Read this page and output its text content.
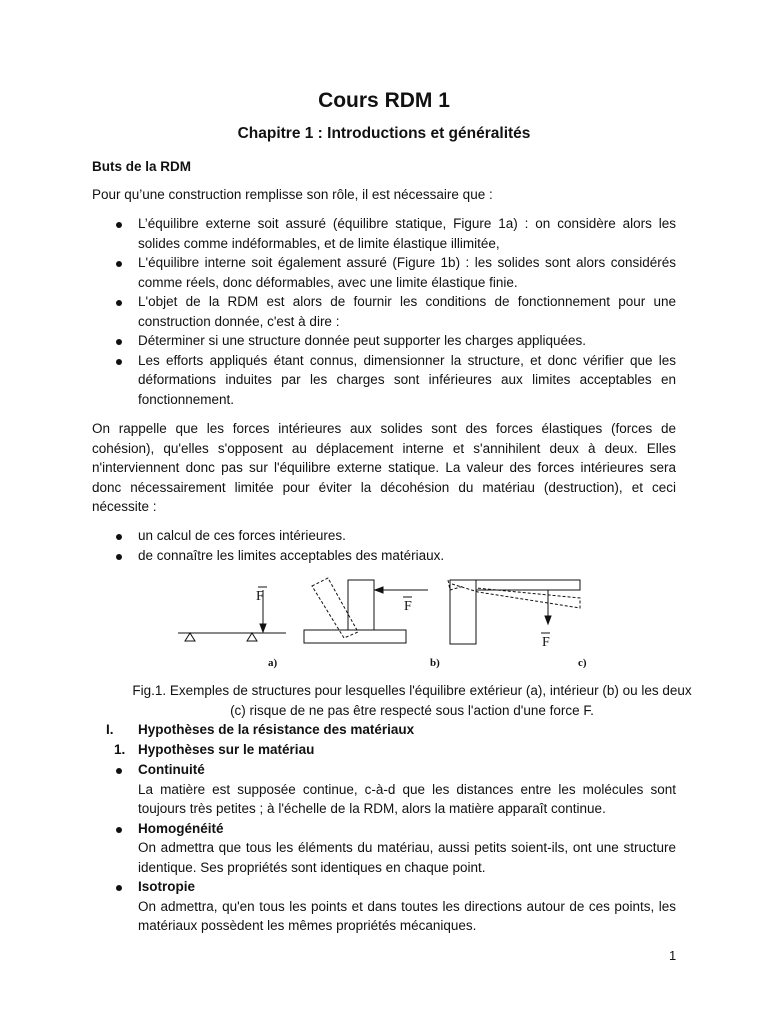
Cours RDM 1
Chapitre 1 : Introductions et généralités

Buts de la RDM

Pour qu’une construction remplisse son rôle, il est nécessaire que :

L’équilibre externe soit assuré (équilibre statique, Figure 1a) : on considère alors les solides comme indéformables, et de limite élastique illimitée,
L'équilibre interne soit également assuré (Figure 1b) : les solides sont alors considérés comme réels, donc déformables, avec une limite élastique finie.
L'objet de la RDM est alors de fournir les conditions de fonctionnement pour une construction donnée, c'est à dire :
Déterminer si une structure donnée peut supporter les charges appliquées.
Les efforts appliqués étant connus, dimensionner la structure, et donc vérifier que les déformations induites par les charges sont inférieures aux limites acceptables en fonctionnement.

On rappelle que les forces intérieures aux solides sont des forces élastiques (forces de cohésion), qu'elles s'opposent au déplacement interne et s'annihilent deux à deux. Elles n'interviennent donc pas sur l'équilibre externe statique. La valeur des forces intérieures sera donc nécessairement limitée pour éviter la décohésion du matériau (destruction), et ceci nécessite :

un calcul de ces forces intérieures.
de connaître les limites acceptables des matériaux.
F
F
F
a)	b)	c)

Fig.1. Exemples de structures pour lesquelles l'équilibre extérieur (a), intérieur (b) ou les deux (c) risque de ne pas être respecté sous l'action d'une force F.

I. Hypothèses de la résistance des matériaux
1. Hypothèses sur le matériau
Continuité
La matière est supposée continue, c-à-d que les distances entre les molécules sont toujours très petites ; à l'échelle de la RDM, alors la matière apparaît continue.
Homogénéité
On admettra que tous les éléments du matériau, aussi petits soient-ils, ont une structure identique. Ses propriétés sont identiques en chaque point.
Isotropie
On admettra, qu'en tous les points et dans toutes les directions autour de ces points, les matériaux possèdent les mêmes propriétés mécaniques.
1
